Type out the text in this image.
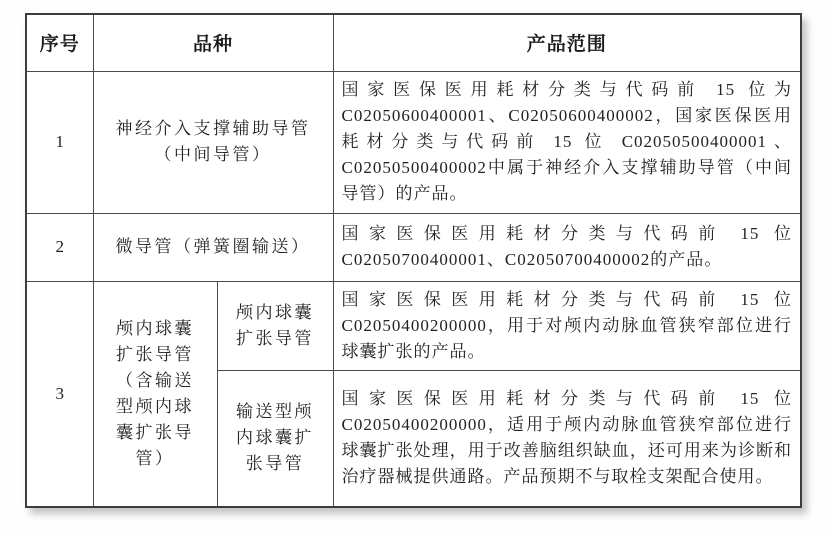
序号	品种		产品范围
1	神经介入支撑辅助导管（中间导管）		国家医保医用耗材分类与代码前 15 位为C02050600400001、C02050600400002，国家医保医用耗材分类与代码前 15 位 C02050500400001、C02050500400002中属于神经介入支撑辅助导管（中间导管）的产品。
2	微导管（弹簧圈输送）		国家医保医用耗材分类与代码前 15 位C02050700400001、C02050700400002的产品。
3	颅内球囊扩张导管（含输送型颅内球囊扩张导管）	颅内球囊扩张导管	国家医保医用耗材分类与代码前 15 位C02050400200000，用于对颅内动脉血管狭窄部位进行球囊扩张的产品。
		输送型颅内球囊扩张导管	国家医保医用耗材分类与代码前 15 位C02050400200000，适用于颅内动脉血管狭窄部位进行球囊扩张处理，用于改善脑组织缺血，还可用来为诊断和治疗器械提供通路。产品预期不与取栓支架配合使用。
